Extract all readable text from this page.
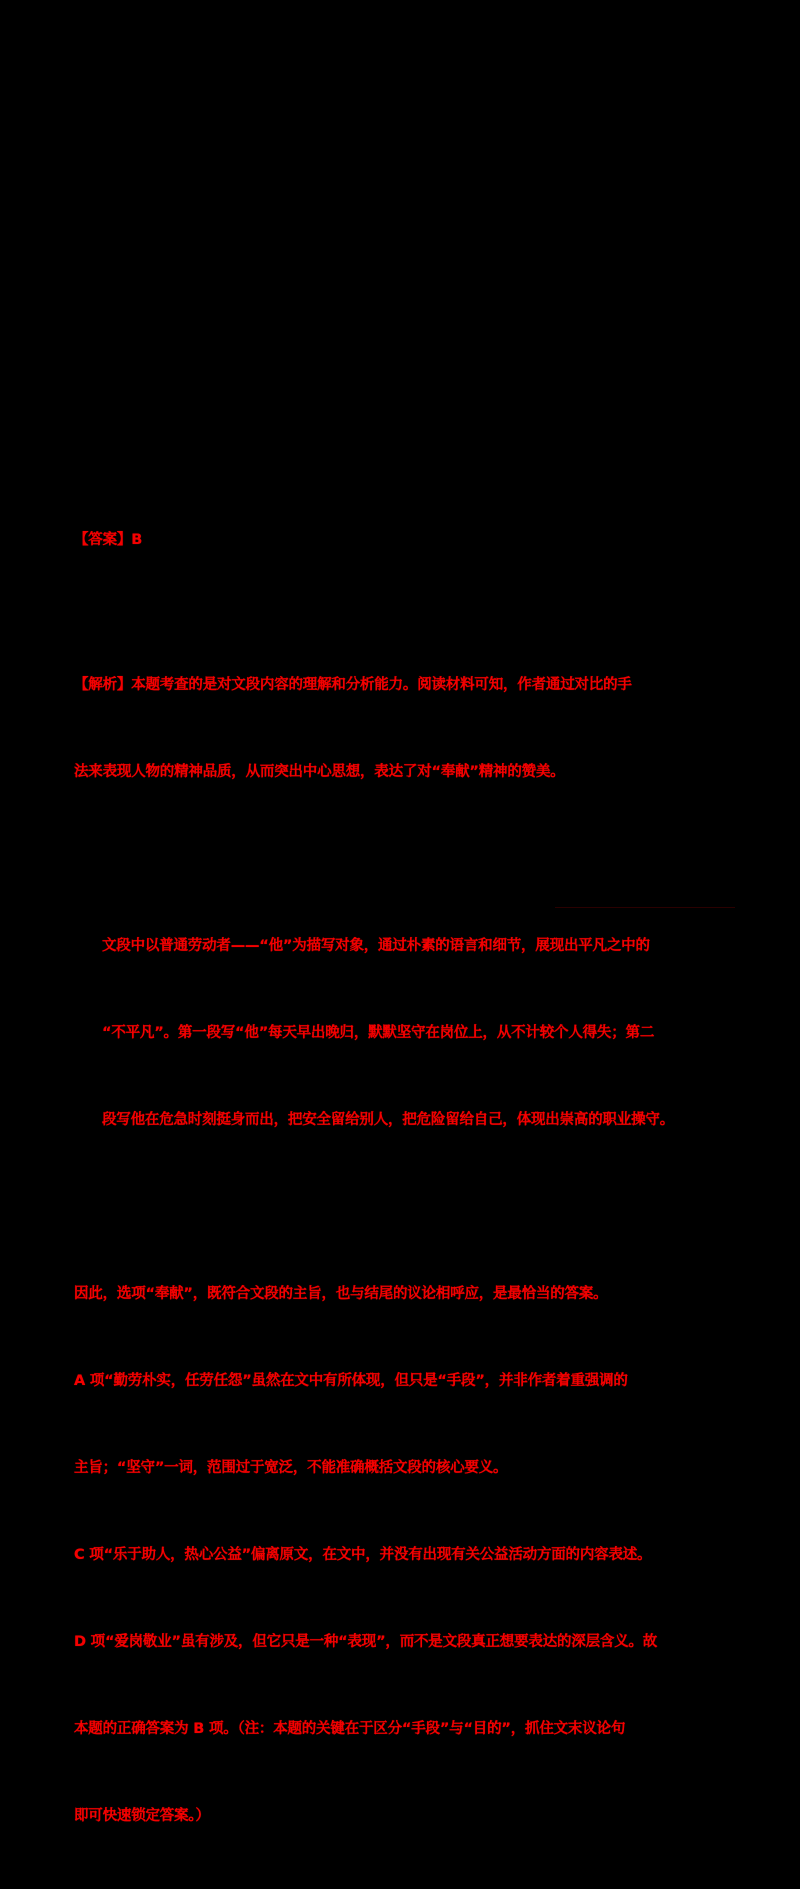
【答案】B

【解析】本题考查的是对文段内容的理解和分析能力。阅读材料可知，作者通过对比的手

法来表现人物的精神品质，从而突出中心思想，表达了对“奉献”精神的赞美。

文段中以普通劳动者——“他”为描写对象，通过朴素的语言和细节，展现出平凡之中的

“不平凡”。第一段写“他”每天早出晚归，默默坚守在岗位上，从不计较个人得失；第二

段写他在危急时刻挺身而出，把安全留给别人，把危险留给自己，体现出崇高的职业操守。

因此，选项“奉献”，既符合文段的主旨，也与结尾的议论相呼应，是最恰当的答案。

A 项“勤劳朴实，任劳任怨”虽然在文中有所体现，但只是“手段”，并非作者着重强调的

主旨；“坚守”一词，范围过于宽泛，不能准确概括文段的核心要义。

C 项“乐于助人，热心公益”偏离原文，在文中，并没有出现有关公益活动方面的内容表述。

D 项“爱岗敬业”虽有涉及，但它只是一种“表现”，而不是文段真正想要表达的深层含义。故

本题的正确答案为 B 项。（注：本题的关键在于区分“手段”与“目的”，抓住文末议论句

即可快速锁定答案。）
